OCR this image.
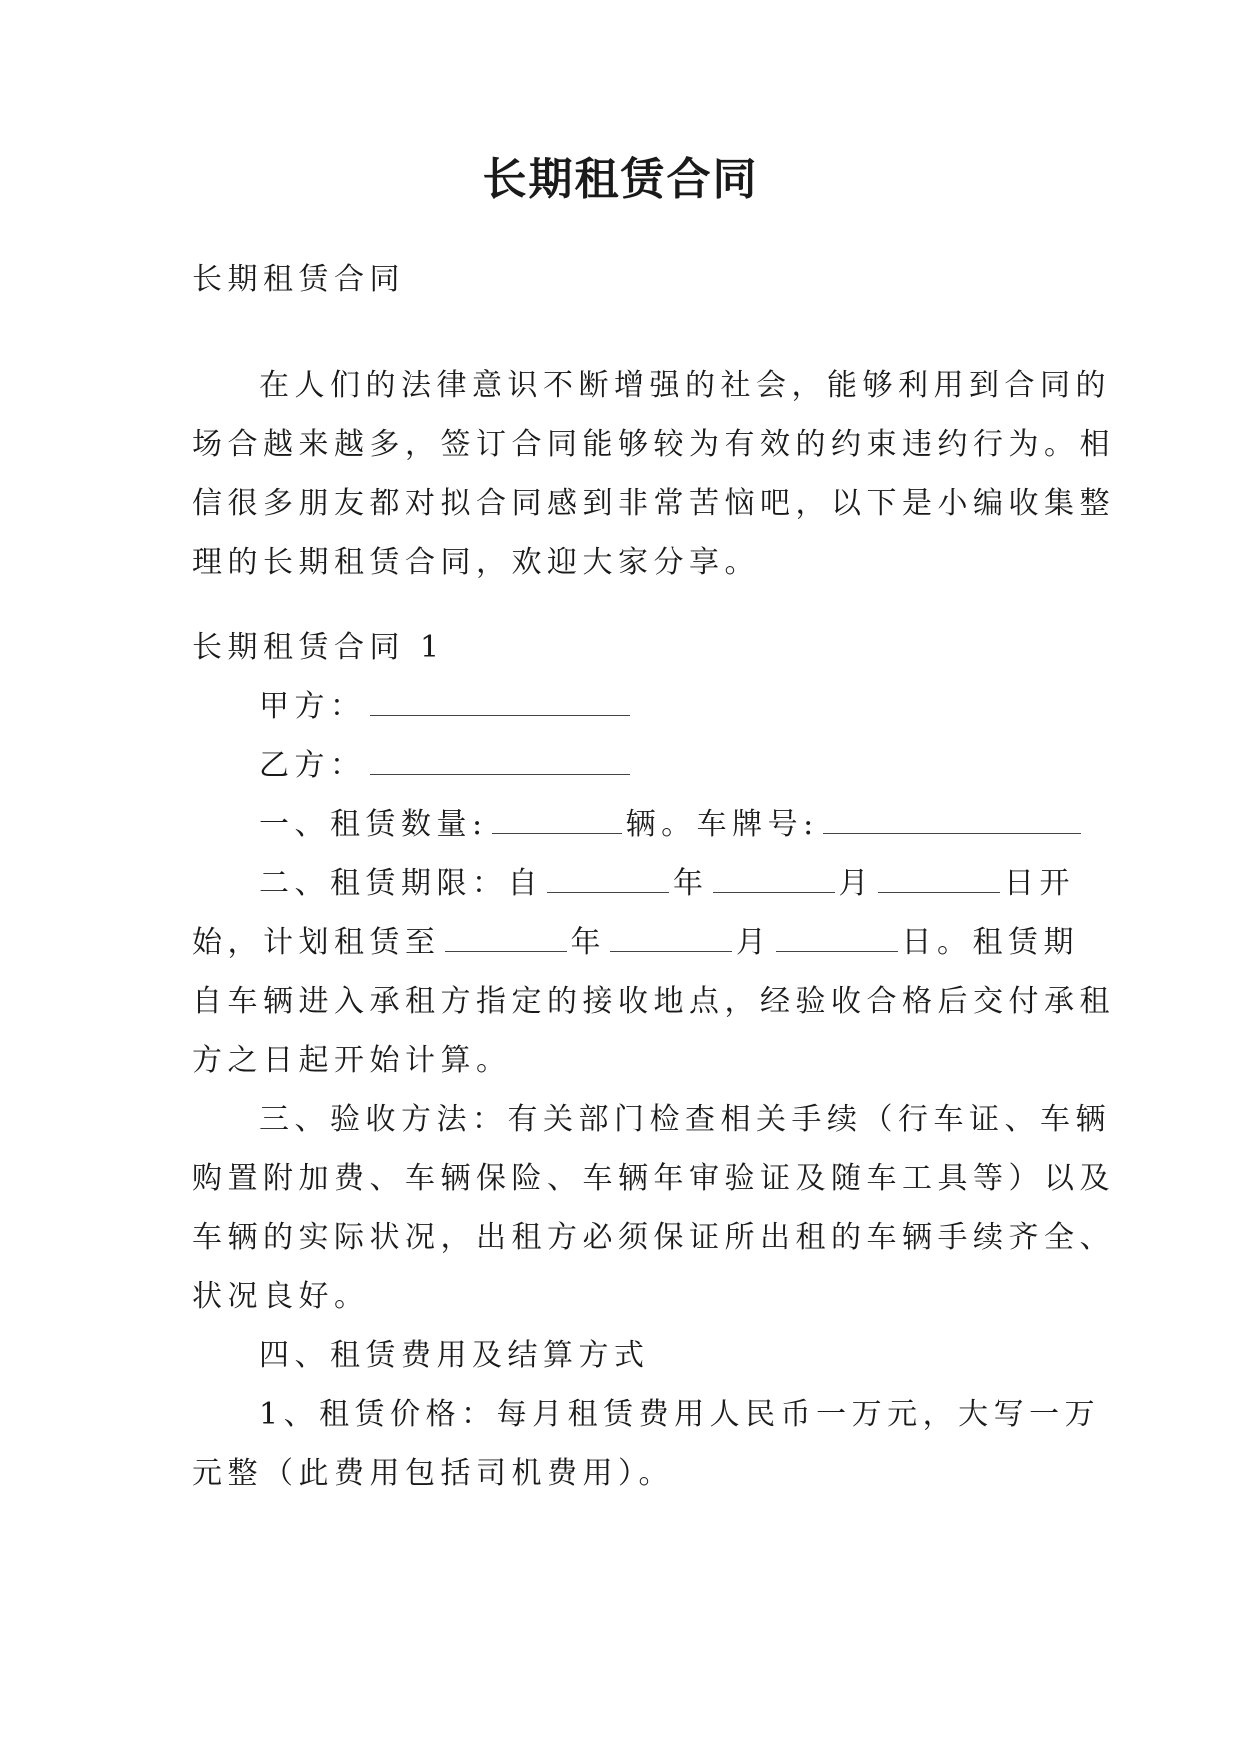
长期租赁合同

长期租赁合同

在人们的法律意识不断增强的社会，能够利用到合同的
场合越来越多，签订合同能够较为有效的约束违约行为。相
信很多朋友都对拟合同感到非常苦恼吧，以下是小编收集整
理的长期租赁合同，欢迎大家分享。
长期租赁合同 1
甲方：
乙方：
一、租赁数量:	辆。车牌号:
二、租赁期限：自	年	月	日开
始，计划租赁至	年	月	日。租赁期
自车辆进入承租方指定的接收地点，经验收合格后交付承租
方之日起开始计算。
三、验收方法：有关部门检查相关手续（行车证、车辆
购置附加费、车辆保险、车辆年审验证及随车工具等）以及
车辆的实际状况，出租方必须保证所出租的车辆手续齐全、
状况良好。
四、租赁费用及结算方式
1、租赁价格：每月租赁费用人民币一万元，大写一万
元整（此费用包括司机费用）。
